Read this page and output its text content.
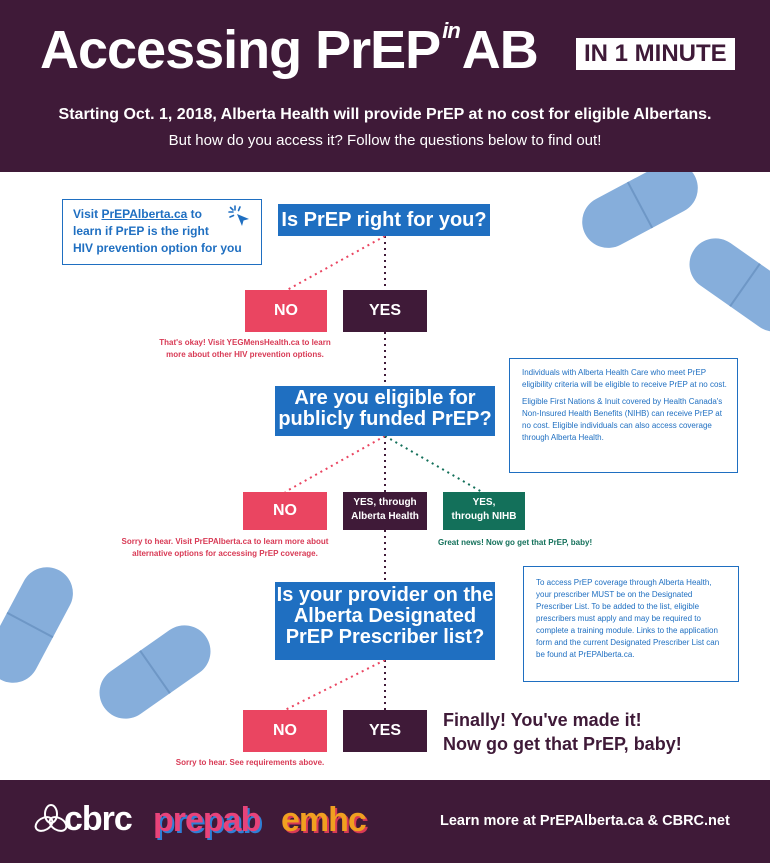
Accessing PrEP$^{in}$AB	IN 1 MINUTE
Starting Oct. 1, 2018, Alberta Health will provide PrEP at no cost for eligible Albertans.
But how do you access it? Follow the questions below to find out!
Visit PrEPAlberta.ca to
learn if PrEP is the right
HIV prevention option for you
Is PrEP right for you?
NO	YES
That's okay! Visit YEGMensHealth.ca to learn
more about other HIV prevention options.
Are you eligible for
publicly funded PrEP?
Individuals with Alberta Health Care who meet PrEP eligibility criteria will be eligible to receive PrEP at no cost.
Eligible First Nations & Inuit covered by Health Canada's Non-Insured Health Benefits (NIHB) can receive PrEP at no cost. Eligible individuals can also access coverage through Alberta Health.
NO	YES, through
Alberta Health
YES,
through NIHB
Sorry to hear. Visit PrEPAlberta.ca to learn more about
alternative options for accessing PrEP coverage.
Great news! Now go get that PrEP, baby!
Is your provider on the
Alberta Designated
PrEP Prescriber list?
To access PrEP coverage through Alberta Health, your prescriber MUST be on the Designated Prescriber List. To be added to the list, eligible prescribers must apply and may be required to complete a training module. Links to the application form and the current Designated Prescriber List can be found at PrEPAlberta.ca.
NO	YES
Sorry to hear. See requirements above.
Finally! You've made it!
Now go get that PrEP, baby!
cbrc prepab emhc	Learn more at PrEPAlberta.ca & CBRC.net
